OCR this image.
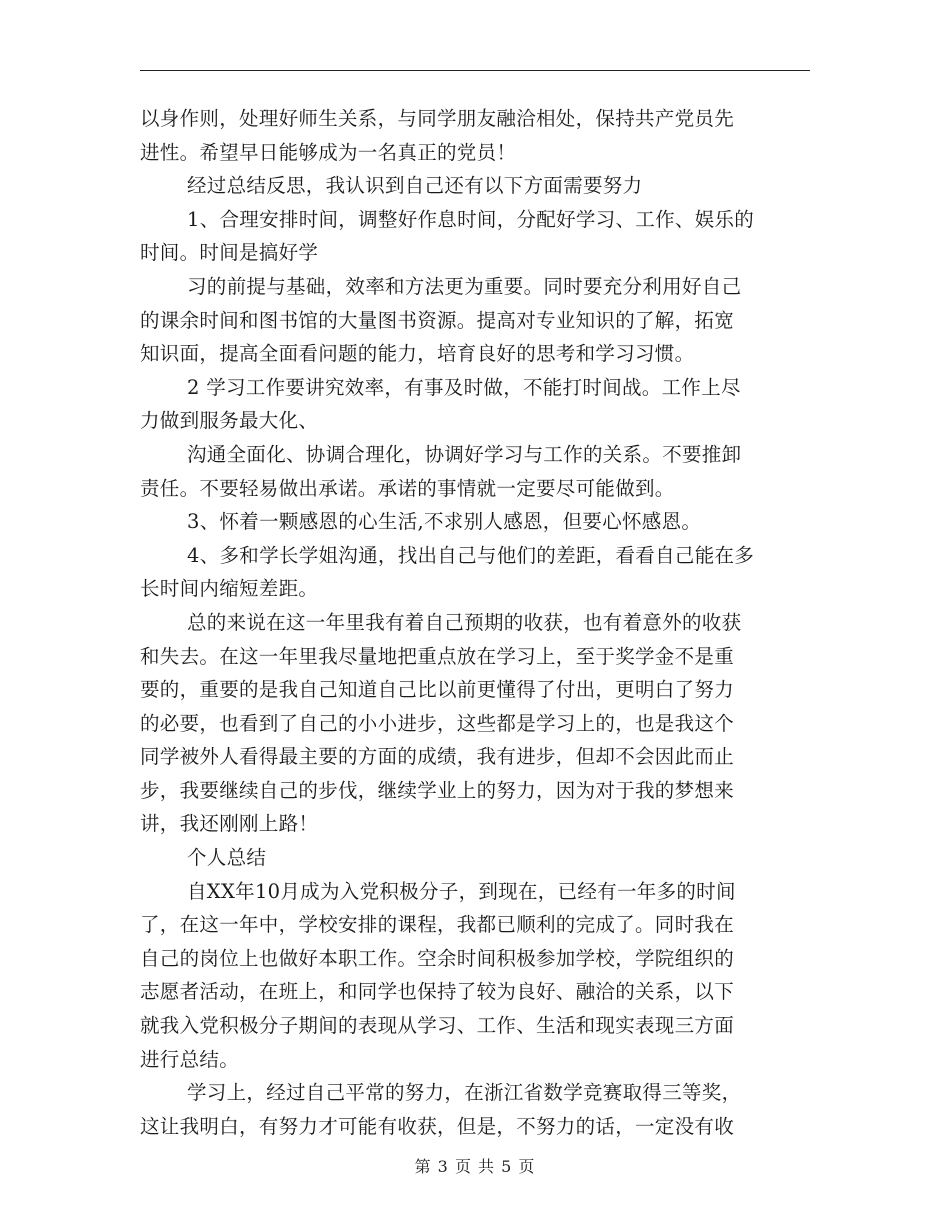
以身作则，处理好师生关系，与同学朋友融洽相处，保持共产党员先
进性。希望早日能够成为一名真正的党员！
经过总结反思，我认识到自己还有以下方面需要努力
1、合理安排时间，调整好作息时间，分配好学习、工作、娱乐的
时间。时间是搞好学
习的前提与基础，效率和方法更为重要。同时要充分利用好自己
的课余时间和图书馆的大量图书资源。提高对专业知识的了解，拓宽
知识面，提高全面看问题的能力，培育良好的思考和学习习惯。
2 学习工作要讲究效率，有事及时做，不能打时间战。工作上尽
力做到服务最大化、
沟通全面化、协调合理化，协调好学习与工作的关系。不要推卸
责任。不要轻易做出承诺。承诺的事情就一定要尽可能做到。
3、怀着一颗感恩的心生活,不求别人感恩，但要心怀感恩。
4、多和学长学姐沟通，找出自己与他们的差距，看看自己能在多
长时间内缩短差距。
总的来说在这一年里我有着自己预期的收获，也有着意外的收获
和失去。在这一年里我尽量地把重点放在学习上，至于奖学金不是重
要的，重要的是我自己知道自己比以前更懂得了付出，更明白了努力
的必要，也看到了自己的小小进步，这些都是学习上的，也是我这个
同学被外人看得最主要的方面的成绩，我有进步，但却不会因此而止
步，我要继续自己的步伐，继续学业上的努力，因为对于我的梦想来
讲，我还刚刚上路！
个人总结
自XX年10月成为入党积极分子，到现在，已经有一年多的时间
了，在这一年中，学校安排的课程，我都已顺利的完成了。同时我在
自己的岗位上也做好本职工作。空余时间积极参加学校，学院组织的
志愿者活动，在班上，和同学也保持了较为良好、融洽的关系，以下
就我入党积极分子期间的表现从学习、工作、生活和现实表现三方面
进行总结。
学习上，经过自己平常的努力，在浙江省数学竞赛取得三等奖，
这让我明白，有努力才可能有收获，但是，不努力的话，一定没有收
第 3 页 共 5 页
